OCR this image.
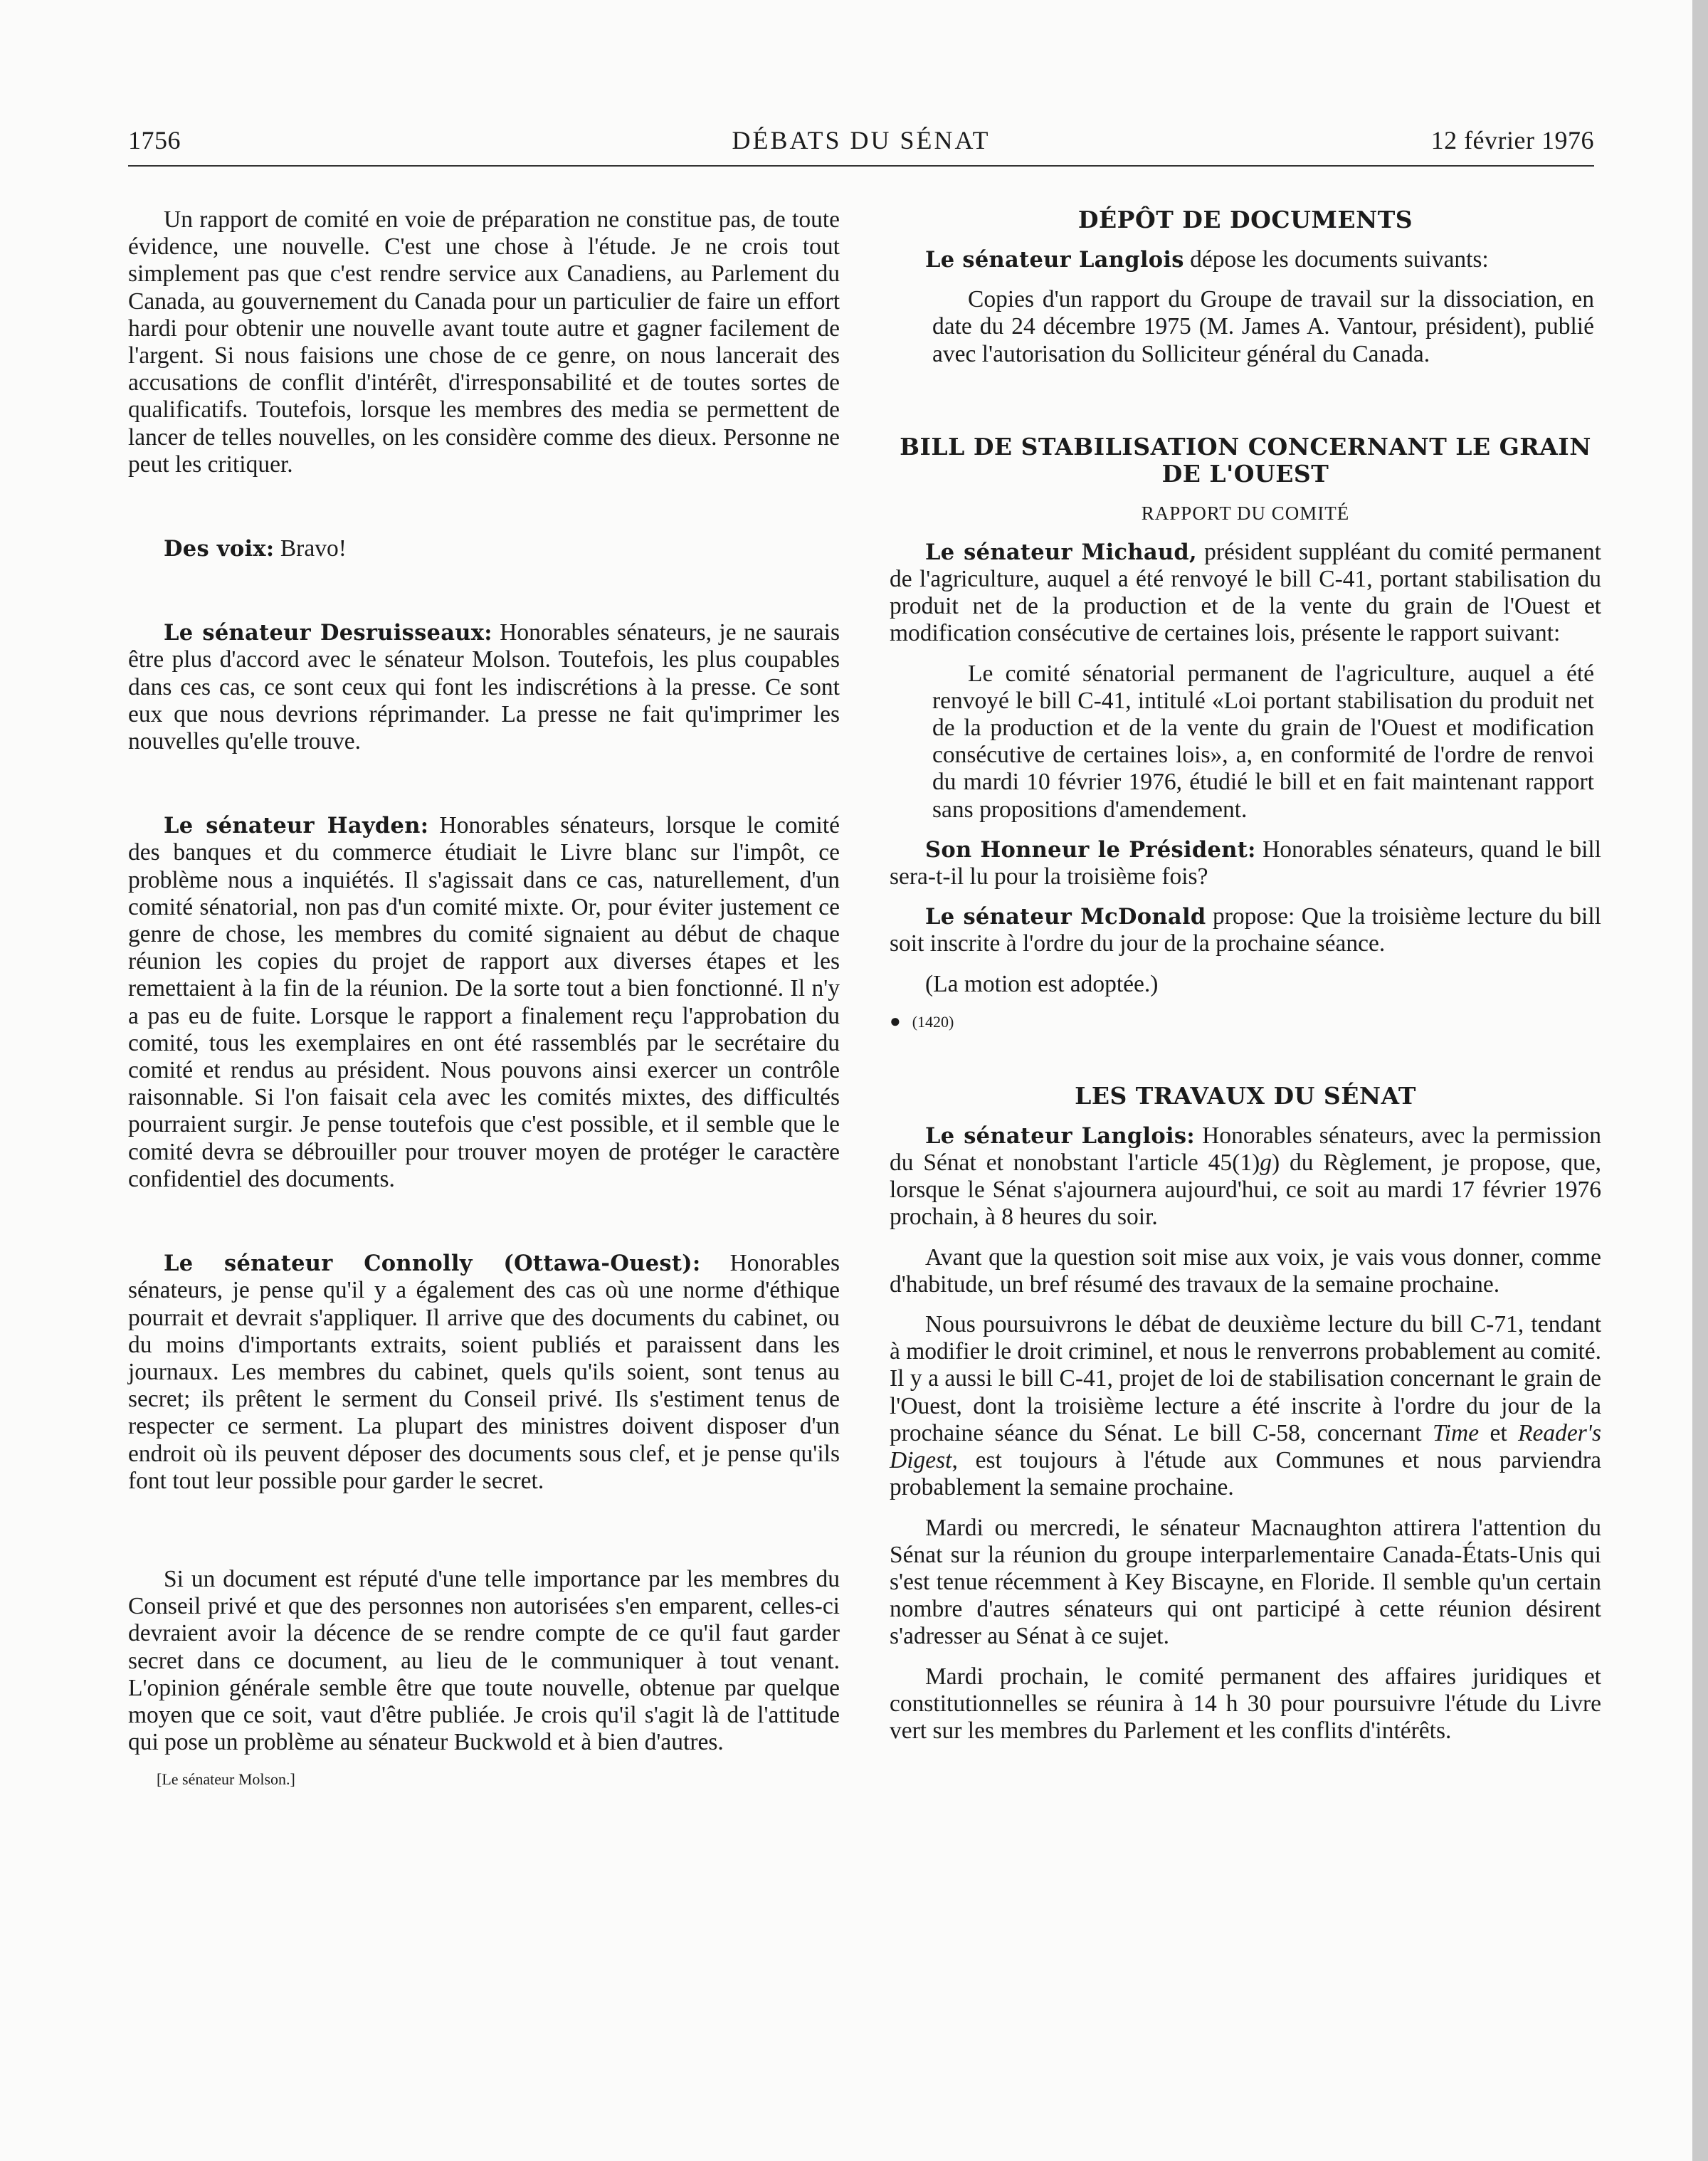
1756	DÉBATS DU SÉNAT	12 février 1976

Un rapport de comité en voie de préparation ne constitue pas, de toute évidence, une nouvelle. C'est une chose à l'étude. Je ne crois tout simplement pas que c'est rendre service aux Canadiens, au Parlement du Canada, au gouvernement du Canada pour un particulier de faire un effort hardi pour obtenir une nouvelle avant toute autre et gagner facilement de l'argent. Si nous faisions une chose de ce genre, on nous lancerait des accusations de conflit d'intérêt, d'irresponsabilité et de toutes sortes de qualificatifs. Toutefois, lorsque les membres des media se permettent de lancer de telles nouvelles, on les considère comme des dieux. Personne ne peut les critiquer.

Des voix: Bravo!

Le sénateur Desruisseaux: Honorables sénateurs, je ne saurais être plus d'accord avec le sénateur Molson. Toutefois, les plus coupables dans ces cas, ce sont ceux qui font les indiscrétions à la presse. Ce sont eux que nous devrions réprimander. La presse ne fait qu'imprimer les nouvelles qu'elle trouve.

Le sénateur Hayden: Honorables sénateurs, lorsque le comité des banques et du commerce étudiait le Livre blanc sur l'impôt, ce problème nous a inquiétés. Il s'agissait dans ce cas, naturellement, d'un comité sénatorial, non pas d'un comité mixte. Or, pour éviter justement ce genre de chose, les membres du comité signaient au début de chaque réunion les copies du projet de rapport aux diverses étapes et les remettaient à la fin de la réunion. De la sorte tout a bien fonctionné. Il n'y a pas eu de fuite. Lorsque le rapport a finalement reçu l'approbation du comité, tous les exemplaires en ont été rassemblés par le secrétaire du comité et rendus au président. Nous pouvons ainsi exercer un contrôle raisonnable. Si l'on faisait cela avec les comités mixtes, des difficultés pourraient surgir. Je pense toutefois que c'est possible, et il semble que le comité devra se débrouiller pour trouver moyen de protéger le caractère confidentiel des documents.

Le sénateur Connolly (Ottawa-Ouest): Honorables sénateurs, je pense qu'il y a également des cas où une norme d'éthique pourrait et devrait s'appliquer. Il arrive que des documents du cabinet, ou du moins d'importants extraits, soient publiés et paraissent dans les journaux. Les membres du cabinet, quels qu'ils soient, sont tenus au secret; ils prêtent le serment du Conseil privé. Ils s'estiment tenus de respecter ce serment. La plupart des ministres doivent disposer d'un endroit où ils peuvent déposer des documents sous clef, et je pense qu'ils font tout leur possible pour garder le secret.

Si un document est réputé d'une telle importance par les membres du Conseil privé et que des personnes non autorisées s'en emparent, celles-ci devraient avoir la décence de se rendre compte de ce qu'il faut garder secret dans ce document, au lieu de le communiquer à tout venant. L'opinion générale semble être que toute nouvelle, obtenue par quelque moyen que ce soit, vaut d'être publiée. Je crois qu'il s'agit là de l'attitude qui pose un problème au sénateur Buckwold et à bien d'autres.

[Le sénateur Molson.]

DÉPÔT DE DOCUMENTS

Le sénateur Langlois dépose les documents suivants:

Copies d'un rapport du Groupe de travail sur la dissociation, en date du 24 décembre 1975 (M. James A. Vantour, président), publié avec l'autorisation du Solliciteur général du Canada.

BILL DE STABILISATION CONCERNANT LE GRAIN
DE L'OUEST
RAPPORT DU COMITÉ

Le sénateur Michaud, président suppléant du comité permanent de l'agriculture, auquel a été renvoyé le bill C-41, portant stabilisation du produit net de la production et de la vente du grain de l'Ouest et modification consécutive de certaines lois, présente le rapport suivant:

Le comité sénatorial permanent de l'agriculture, auquel a été renvoyé le bill C-41, intitulé «Loi portant stabilisation du produit net de la production et de la vente du grain de l'Ouest et modification consécutive de certaines lois», a, en conformité de l'ordre de renvoi du mardi 10 février 1976, étudié le bill et en fait maintenant rapport sans propositions d'amendement.

Son Honneur le Président: Honorables sénateurs, quand le bill sera-t-il lu pour la troisième fois?

Le sénateur McDonald propose: Que la troisième lecture du bill soit inscrite à l'ordre du jour de la prochaine séance.

(La motion est adoptée.)

● (1420)

LES TRAVAUX DU SÉNAT

Le sénateur Langlois: Honorables sénateurs, avec la permission du Sénat et nonobstant l'article 45(1)g) du Règlement, je propose, que, lorsque le Sénat s'ajournera aujourd'hui, ce soit au mardi 17 février 1976 prochain, à 8 heures du soir.

Avant que la question soit mise aux voix, je vais vous donner, comme d'habitude, un bref résumé des travaux de la semaine prochaine.

Nous poursuivrons le débat de deuxième lecture du bill C-71, tendant à modifier le droit criminel, et nous le renverrons probablement au comité. Il y a aussi le bill C-41, projet de loi de stabilisation concernant le grain de l'Ouest, dont la troisième lecture a été inscrite à l'ordre du jour de la prochaine séance du Sénat. Le bill C-58, concernant Time et Reader's Digest, est toujours à l'étude aux Communes et nous parviendra probablement la semaine prochaine.

Mardi ou mercredi, le sénateur Macnaughton attirera l'attention du Sénat sur la réunion du groupe interparlementaire Canada-États-Unis qui s'est tenue récemment à Key Biscayne, en Floride. Il semble qu'un certain nombre d'autres sénateurs qui ont participé à cette réunion désirent s'adresser au Sénat à ce sujet.

Mardi prochain, le comité permanent des affaires juridiques et constitutionnelles se réunira à 14 h 30 pour poursuivre l'étude du Livre vert sur les membres du Parlement et les conflits d'intérêts.
